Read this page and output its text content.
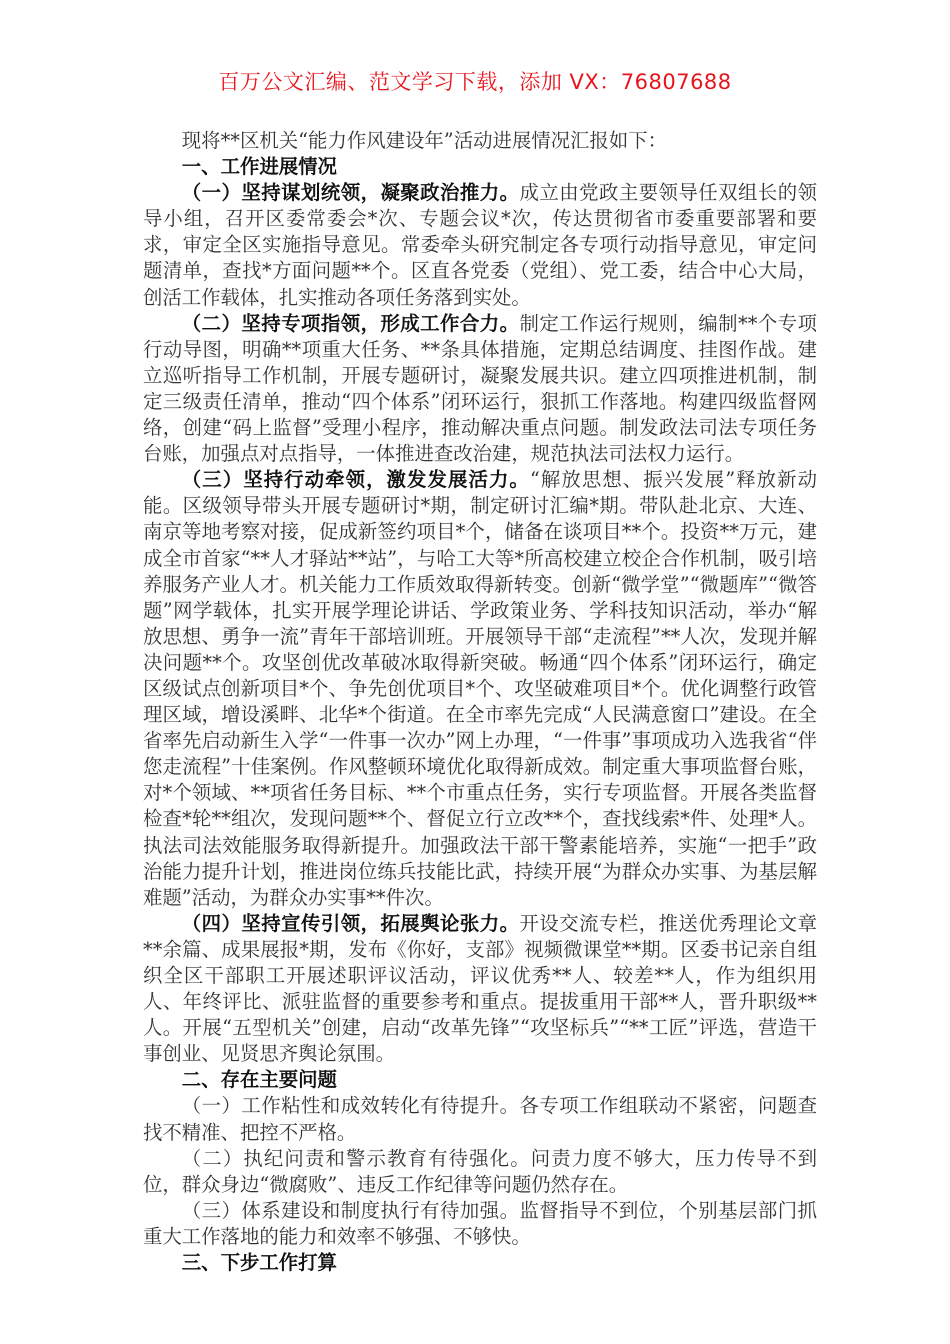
百万公文汇编、范文学习下载，添加 VX：76807688

现将**区机关“能力作风建设年”活动进展情况汇报如下：

一、工作进展情况

（一）坚持谋划统领，凝聚政治推力。成立由党政主要领导任双组长的领导小组，召开区委常委会*次、专题会议*次，传达贯彻省市委重要部署和要求，审定全区实施指导意见。常委牵头研究制定各专项行动指导意见，审定问题清单，查找*方面问题**个。区直各党委（党组）、党工委，结合中心大局，创活工作载体，扎实推动各项任务落到实处。

（二）坚持专项指领，形成工作合力。制定工作运行规则，编制**个专项行动导图，明确**项重大任务、**条具体措施，定期总结调度、挂图作战。建立巡听指导工作机制，开展专题研讨，凝聚发展共识。建立四项推进机制，制定三级责任清单，推动“四个体系”闭环运行，狠抓工作落地。构建四级监督网络，创建“码上监督”受理小程序，推动解决重点问题。制发政法司法专项任务台账，加强点对点指导，一体推进查改治建，规范执法司法权力运行。

（三）坚持行动牵领，激发发展活力。“解放思想、振兴发展”释放新动能。区级领导带头开展专题研讨*期，制定研讨汇编*期。带队赴北京、大连、南京等地考察对接，促成新签约项目*个，储备在谈项目**个。投资**万元，建成全市首家“**人才驿站**站”，与哈工大等*所高校建立校企合作机制，吸引培养服务产业人才。机关能力工作质效取得新转变。创新“微学堂”“微题库”“微答题”网学载体，扎实开展学理论讲话、学政策业务、学科技知识活动，举办“解放思想、勇争一流”青年干部培训班。开展领导干部“走流程”**人次，发现并解决问题**个。攻坚创优改革破冰取得新突破。畅通“四个体系”闭环运行，确定区级试点创新项目*个、争先创优项目*个、攻坚破难项目*个。优化调整行政管理区域，增设溪畔、北华*个街道。在全市率先完成“人民满意窗口”建设。在全省率先启动新生入学“一件事一次办”网上办理，“一件事”事项成功入选我省“伴您走流程”十佳案例。作风整顿环境优化取得新成效。制定重大事项监督台账，对*个领域、**项省任务目标、**个市重点任务，实行专项监督。开展各类监督检查*轮**组次，发现问题**个、督促立行立改**个，查找线索*件、处理*人。执法司法效能服务取得新提升。加强政法干部干警素能培养，实施“一把手”政治能力提升计划，推进岗位练兵技能比武，持续开展“为群众办实事、为基层解难题”活动，为群众办实事**件次。

（四）坚持宣传引领，拓展舆论张力。开设交流专栏，推送优秀理论文章**余篇、成果展报*期，发布《你好，支部》视频微课堂**期。区委书记亲自组织全区干部职工开展述职评议活动，评议优秀**人、较差**人，作为组织用人、年终评比、派驻监督的重要参考和重点。提拔重用干部**人，晋升职级**人。开展“五型机关”创建，启动“改革先锋”“攻坚标兵”“**工匠”评选，营造干事创业、见贤思齐舆论氛围。

二、存在主要问题

（一）工作粘性和成效转化有待提升。各专项工作组联动不紧密，问题查找不精准、把控不严格。

（二）执纪问责和警示教育有待强化。问责力度不够大，压力传导不到位，群众身边“微腐败”、违反工作纪律等问题仍然存在。

（三）体系建设和制度执行有待加强。监督指导不到位，个别基层部门抓重大工作落地的能力和效率不够强、不够快。

三、下步工作打算
